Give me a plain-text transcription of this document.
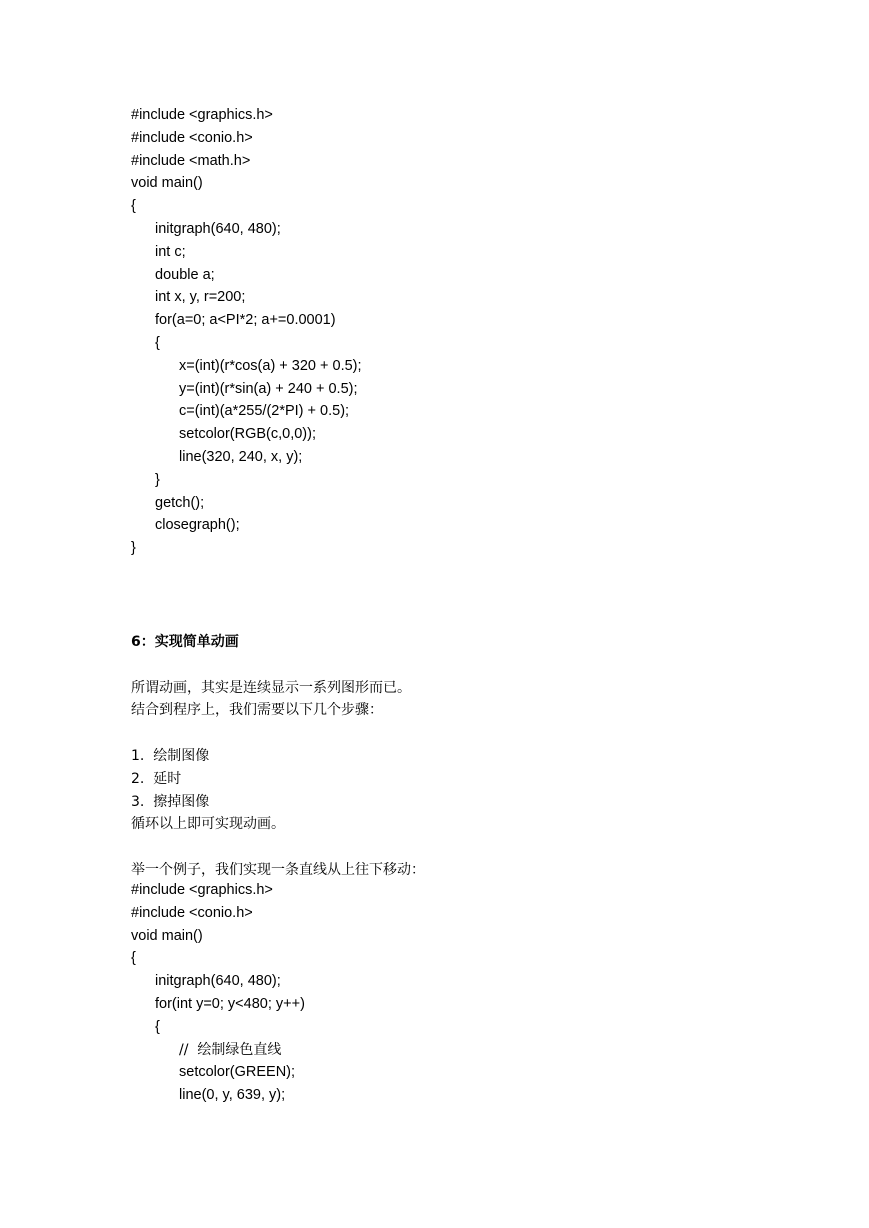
#include <graphics.h>
#include <conio.h>
#include <math.h>
void main()
{
initgraph(640, 480);
int c;
double a;
int x, y, r=200;
for(a=0; a<PI*2; a+=0.0001)
{
x=(int)(r*cos(a) + 320 + 0.5);
y=(int)(r*sin(a) + 240 + 0.5);
c=(int)(a*255/(2*PI) + 0.5);
setcolor(RGB(c,0,0));
line(320, 240, x, y);
}
getch();
closegraph();
}
6：实现简单动画
所谓动画，其实是连续显示一系列图形而已。
结合到程序上，我们需要以下几个步骤：
1.  绘制图像
2.  延时
3.  擦掉图像
循环以上即可实现动画。
举一个例子，我们实现一条直线从上往下移动：
#include <graphics.h>
#include <conio.h>
void main()
{
initgraph(640, 480);
for(int y=0; y<480; y++)
{
//  绘制绿色直线
setcolor(GREEN);
line(0, y, 639, y);
